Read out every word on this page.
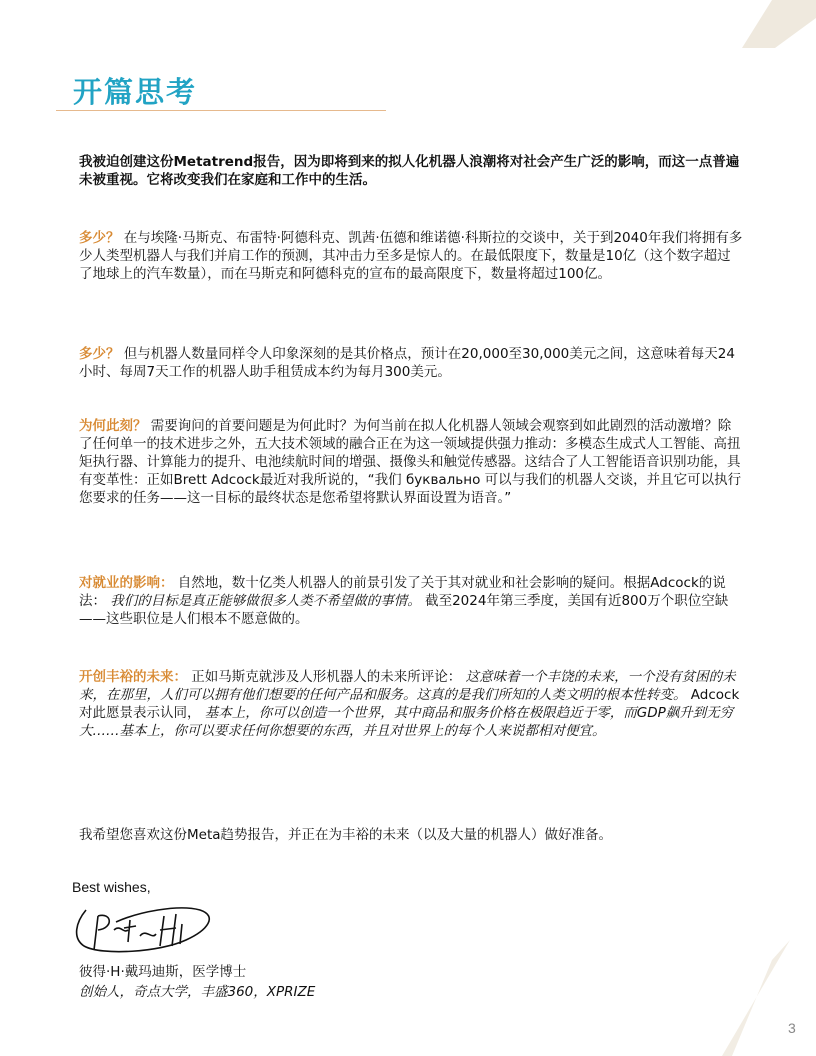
开篇思考

我被迫创建这份Metatrend报告，因为即将到来的拟人化机器人浪潮将对社会产生广泛的影响，而这一点普遍未被重视。它将改变我们在家庭和工作中的生活。

多少？ 在与埃隆·马斯克、布雷特·阿德科克、凯茜·伍德和维诺德·科斯拉的交谈中，关于到2040年我们将拥有多少人类型机器人与我们并肩工作的预测，其冲击力至多是惊人的。在最低限度下，数量是10亿（这个数字超过了地球上的汽车数量），而在马斯克和阿德科克的宣布的最高限度下，数量将超过100亿。

多少？ 但与机器人数量同样令人印象深刻的是其价格点，预计在20,000至30,000美元之间，这意味着每天24小时、每周7天工作的机器人助手租赁成本约为每月300美元。

为何此刻？ 需要询问的首要问题是为何此时？为何当前在拟人化机器人领域会观察到如此剧烈的活动激增？除了任何单一的技术进步之外，五大技术领域的融合正在为这一领域提供强力推动：多模态生成式人工智能、高扭矩执行器、计算能力的提升、电池续航时间的增强、摄像头和触觉传感器。这结合了人工智能语音识别功能，具有变革性：正如Brett Adcock最近对我所说的，“我们 буквально 可以与我们的机器人交谈，并且它可以执行您要求的任务——这一目标的最终状态是您希望将默认界面设置为语音。”

对就业的影响： 自然地，数十亿类人机器人的前景引发了关于其对就业和社会影响的疑问。根据Adcock的说法： 我们的目标是真正能够做很多人类不希望做的事情。 截至2024年第三季度，美国有近800万个职位空缺——这些职位是人们根本不愿意做的。

开创丰裕的未来： 正如马斯克就涉及人形机器人的未来所评论： 这意味着一个丰饶的未来，一个没有贫困的未来，在那里，人们可以拥有他们想要的任何产品和服务。这真的是我们所知的人类文明的根本性转变。 Adcock对此愿景表示认同， 基本上，你可以创造一个世界，其中商品和服务价格在极限趋近于零，而GDP飙升到无穷大……基本上，你可以要求任何你想要的东西，并且对世界上的每个人来说都相对便宜。

我希望您喜欢这份Meta趋势报告，并正在为丰裕的未来（以及大量的机器人）做好准备。

Best wishes,

彼得·H·戴玛迪斯，医学博士

创始人，奇点大学，丰盛360，XPRIZE

3
